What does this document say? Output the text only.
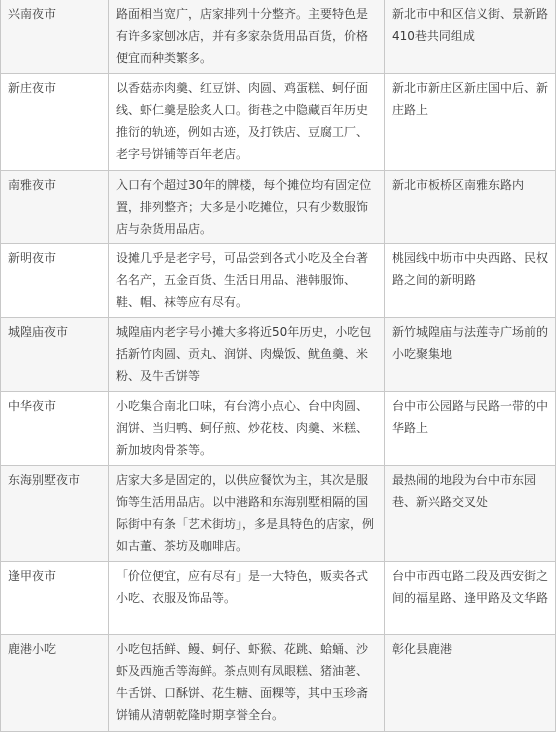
兴南夜市	路面相当宽广，店家排列十分整齐。主要特色是有许多家刨冰店，并有多家杂货用品百货，价格便宜而种类繁多。	新北市中和区信义街、景新路410巷共同组成
新庄夜市	以香菇赤肉羹、红豆饼、肉圆、鸡蛋糕、蚵仔面线、虾仁羹是脍炙人口。街巷之中隐藏百年历史推衍的轨迹，例如古迹，及打铁店、豆腐工厂、老字号饼铺等百年老店。	新北市新庄区新庄国中后、新庄路上
南雅夜市	入口有个超过30年的牌楼，每个摊位均有固定位置，排列整齐；大多是小吃摊位，只有少数服饰店与杂货用品店。	新北市板桥区南雅东路内
新明夜市	设摊几乎是老字号，可品尝到各式小吃及全台著名名产，五金百货、生活日用品、港韩服饰、鞋、帽、袜等应有尽有。	桃园线中坜市中央西路、民权路之间的新明路
城隍庙夜市	城隍庙内老字号小摊大多将近50年历史，小吃包括新竹肉圆、贡丸、润饼、肉燥饭、鱿鱼羹、米粉、及牛舌饼等	新竹城隍庙与法莲寺广场前的小吃聚集地
中华夜市	小吃集合南北口味，有台湾小点心、台中肉圆、润饼、当归鸭、蚵仔煎、炒花枝、肉羹、米糕、新加坡肉骨茶等。	台中市公园路与民路一带的中华路上
东海别墅夜市	店家大多是固定的，以供应餐饮为主，其次是服饰等生活用品店。以中港路和东海别墅相隔的国际街中有条「艺术街坊」，多是具特色的店家，例如古董、茶坊及咖啡店。	最热闹的地段为台中市东园巷、新兴路交叉处
逢甲夜市	「价位便宜，应有尽有」是一大特色，贩卖各式小吃、衣服及饰品等。	台中市西屯路二段及西安街之间的福星路、逢甲路及文华路
鹿港小吃	小吃包括鲜、鳗、蚵仔、虾猴、花跳、蛤蛹、沙虾及西施舌等海鲜。茶点则有凤眼糕、猪油荖、牛舌饼、口酥饼、花生糖、面粿等，其中玉珍斋饼铺从清朝乾隆时期享誉全台。	彰化县鹿港
